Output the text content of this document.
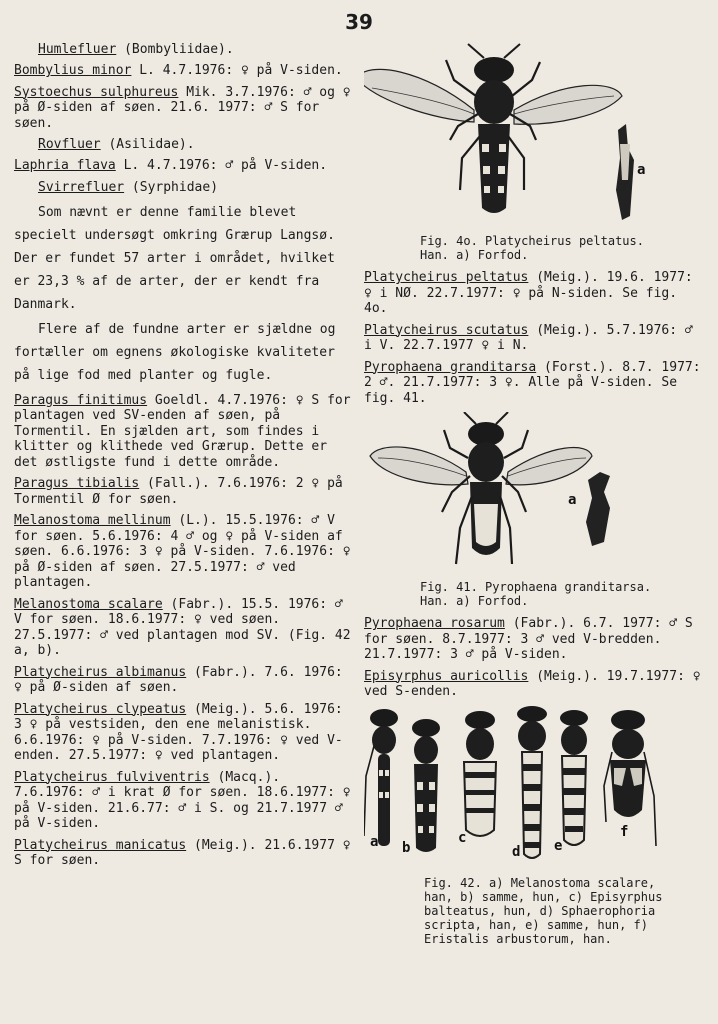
39
Humlefluer (Bombyliidae).
Bombylius minor L. 4.7.1976: ♀ på V-siden.
Systoechus sulphureus Mik. 3.7.1976: ♂ og ♀ på Ø-siden af søen. 21.6. 1977: ♂ S for søen.
Rovfluer (Asilidae).
Laphria flava L. 4.7.1976: ♂ på V-siden.
Svirrefluer (Syrphidae)
Som nævnt er denne familie blevet specielt undersøgt omkring Grærup Langsø. Der er fundet 57 arter i området, hvilket er 23,3 % af de arter, der er kendt fra Danmark.
Flere af de fundne arter er sjældne og fortæller om egnens økologiske kvaliteter på lige fod med planter og fugle.
Paragus finitimus Goeldl. 4.7.1976: ♀ S for plantagen ved SV-enden af søen, på Tormentil. En sjælden art, som findes i klitter og klithede ved Grærup. Dette er det østligste fund i dette område.
Paragus tibialis (Fall.). 7.6.1976: 2 ♀ på Tormentil Ø for søen.
Melanostoma mellinum (L.). 15.5.1976: ♂ V for søen. 5.6.1976: 4 ♂ og ♀ på V-siden af søen. 6.6.1976: 3 ♀ på V-siden. 7.6.1976: ♀ på Ø-siden af søen. 27.5.1977: ♂ ved plantagen.
Melanostoma scalare (Fabr.). 15.5. 1976: ♂ V for søen. 18.6.1977: ♀ ved søen. 27.5.1977: ♂ ved plantagen mod SV. (Fig. 42 a, b).
Platycheirus albimanus (Fabr.). 7.6. 1976: ♀ på Ø-siden af søen.
Platycheirus clypeatus (Meig.). 5.6. 1976: 3 ♀ på vestsiden, den ene melanistisk. 6.6.1976: ♀ på V-siden. 7.7.1976: ♀ ved V-enden. 27.5.1977: ♀ ved plantagen.
Platycheirus fulviventris (Macq.). 7.6.1976: ♂ i krat Ø for søen. 18.6.1977: ♀ på V-siden. 21.6.77: ♂ i S. og 21.7.1977 ♂ på V-siden.
Platycheirus manicatus (Meig.). 21.6.1977 ♀ S for søen.
a
Fig. 4o. Platycheirus peltatus. Han. a) Forfod.
Platycheirus peltatus (Meig.). 19.6. 1977: ♀ i NØ. 22.7.1977: ♀ på N-siden. Se fig. 4o.
Platycheirus scutatus (Meig.). 5.7.1976: ♂ i V. 22.7.1977 ♀ i N.
Pyrophaena granditarsa (Forst.). 8.7. 1977: 2 ♂. 21.7.1977: 3 ♀. Alle på V-siden. Se fig. 41.
a
Fig. 41. Pyrophaena granditarsa. Han. a) Forfod.
Pyrophaena rosarum (Fabr.). 6.7. 1977: ♂ S for søen. 8.7.1977: 3 ♂ ved V-bredden. 21.7.1977: 3 ♂ på V-siden.
Episyrphus auricollis (Meig.). 19.7.1977: ♀ ved S-enden.
a b
c
d e
f
Fig. 42. a) Melanostoma scalare, han, b) samme, hun, c) Episyrphus balteatus, hun, d) Sphaerophoria scripta, han, e) samme, hun, f) Eristalis arbustorum, han.
